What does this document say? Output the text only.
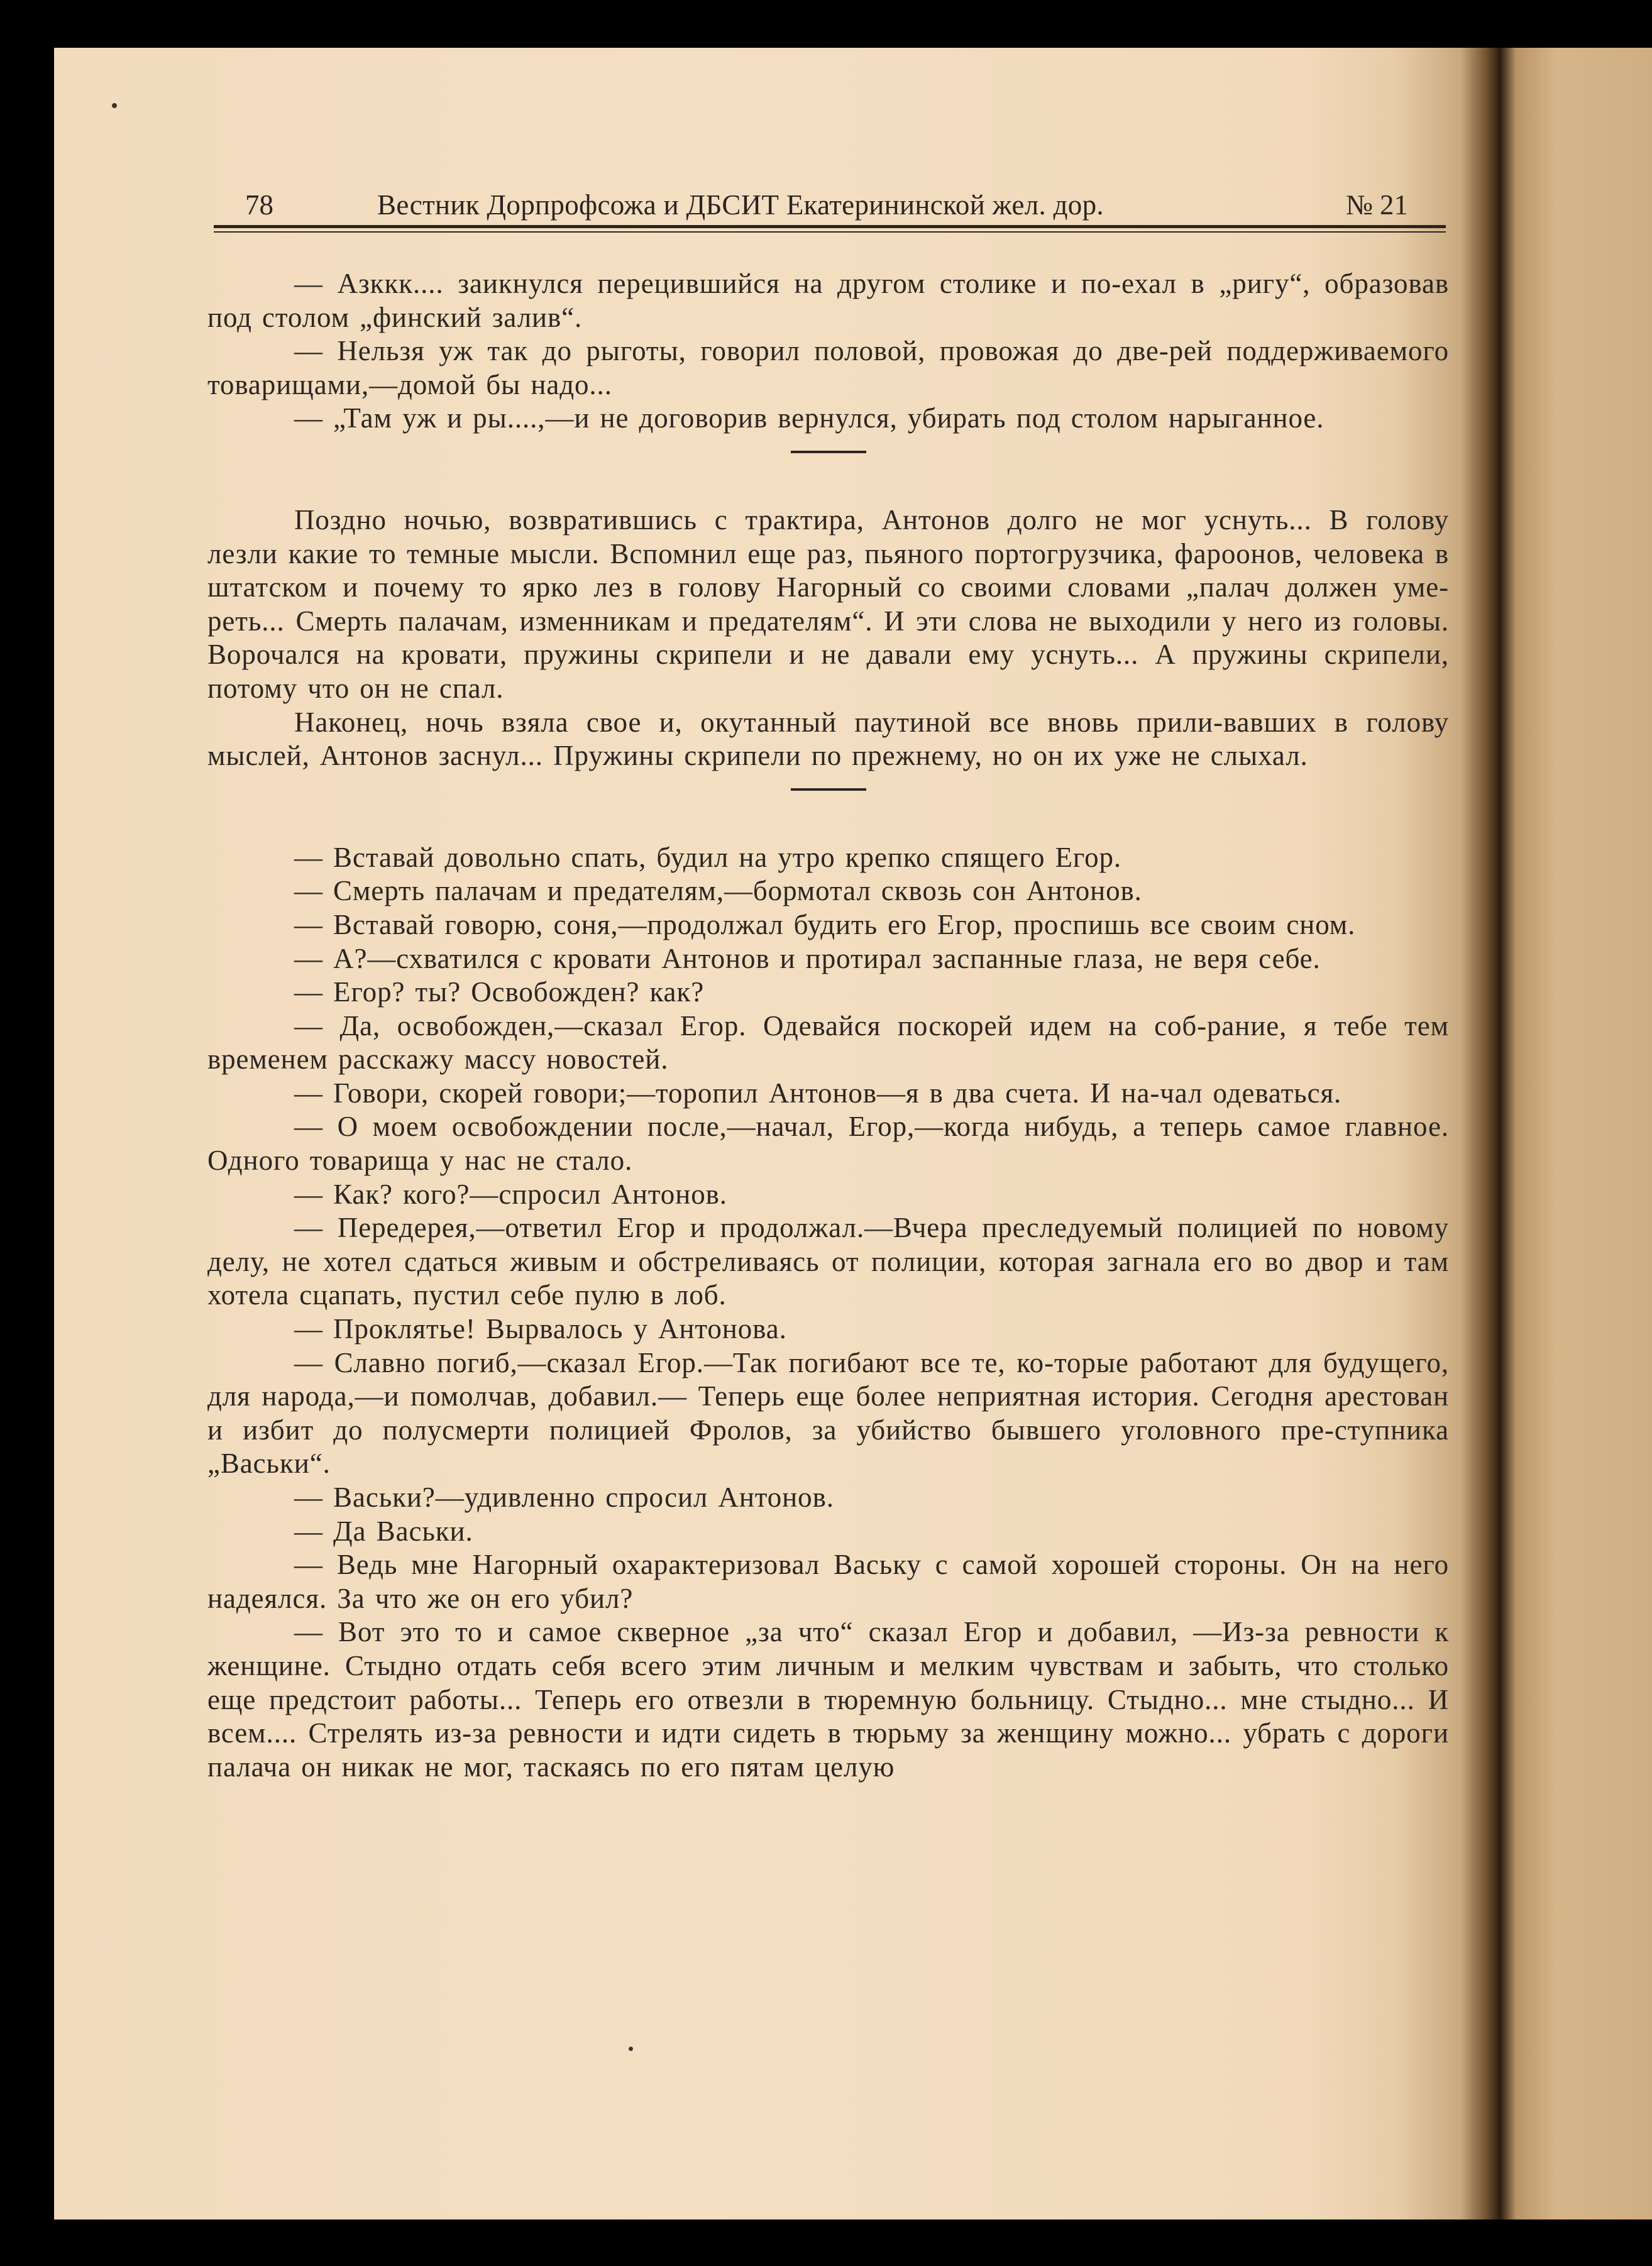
78	Вестник Дорпрофсожа и ДБСИТ Екатерининской жел. дор.	№ 21

— Азккк.... заикнулся перецившийся на другом столике и по-ехал в „ригу“, образовав под столом „финский залив“.

— Нельзя уж так до рыготы, говорил половой, провожая до две-рей поддерживаемого товарищами,—домой бы надо...

— „Там уж и ры....,—и не договорив вернулся, убирать под столом нарыганное.

Поздно ночью, возвратившись с трактира, Антонов долго не мог уснуть... В голову лезли какие то темные мысли. Вспомнил еще раз, пьяного портогрузчика, фароонов, человека в штатском и почему то ярко лез в голову Нагорный со своими словами „палач должен уме-реть... Смерть палачам, изменникам и предателям“. И эти слова не выходили у него из головы. Ворочался на кровати, пружины скрипели и не давали ему уснуть... А пружины скрипели, потому что он не спал.

Наконец, ночь взяла свое и, окутанный паутиной все вновь прили-вавших в голову мыслей, Антонов заснул... Пружины скрипели по прежнему, но он их уже не слыхал.

— Вставай довольно спать, будил на утро крепко спящего Егор.

— Смерть палачам и предателям,—бормотал сквозь сон Антонов.

— Вставай говорю, соня,—продолжал будить его Егор, проспишь все своим сном.

— А?—схватился с кровати Антонов и протирал заспанные глаза, не веря себе.

— Егор? ты? Освобожден? как?

— Да, освобожден,—сказал Егор. Одевайся поскорей идем на соб-рание, я тебе тем временем расскажу массу новостей.

— Говори, скорей говори;—торопил Антонов—я в два счета. И на-чал одеваться.

— О моем освобождении после,—начал, Егор,—когда нибудь, а теперь самое главное. Одного товарища у нас не стало.

— Как? кого?—спросил Антонов.

— Передерея,—ответил Егор и продолжал.—Вчера преследуемый полицией по новому делу, не хотел сдаться живым и обстреливаясь от полиции, которая загнала его во двор и там хотела сцапать, пустил себе пулю в лоб.

— Проклятье! Вырвалось у Антонова.

— Славно погиб,—сказал Егор.—Так погибают все те, ко-торые работают для будущего, для народа,—и помолчав, добавил.— Теперь еще более неприятная история. Сегодня арестован и избит до полусмерти полицией Фролов, за убийство бывшего уголовного пре-ступника „Васьки“.

— Васьки?—удивленно спросил Антонов.

— Да Васьки.

— Ведь мне Нагорный охарактеризовал Ваську с самой хорошей стороны. Он на него надеялся. За что же он его убил?

— Вот это то и самое скверное „за что“ сказал Егор и добавил, —Из-за ревности к женщине. Стыдно отдать себя всего этим личным и мелким чувствам и забыть, что столько еще предстоит работы... Теперь его отвезли в тюремную больницу. Стыдно... мне стыдно... И всем.... Стрелять из-за ревности и идти сидеть в тюрьму за женщину можно... убрать с дороги палача он никак не мог, таскаясь по его пятам целую
